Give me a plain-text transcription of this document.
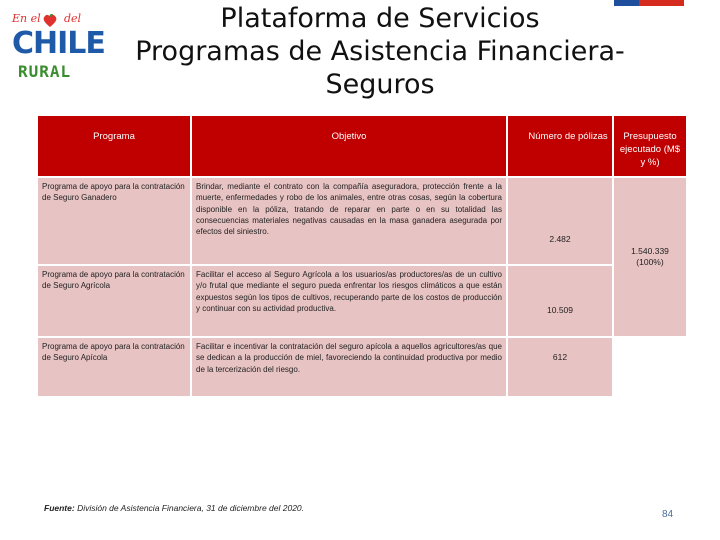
En el del
CHILE
RURAL
Plataforma de Servicios
Programas de Asistencia Financiera-
Seguros
Programa	Objetivo	Número de pólizas	Presupuesto ejecutado (M$ y %)
Programa de apoyo para la contratación de Seguro Ganadero	Brindar, mediante el contrato con la compañía aseguradora, protección frente a la muerte, enfermedades y robo de los animales, entre otras cosas, según la cobertura disponible en la póliza, tratando de reparar en parte o en su totalidad las consecuencias materiales negativas causadas en la masa ganadera asegurada por efectos del siniestro.	2.482	1.540.339
(100%)
Programa de apoyo para la contratación de Seguro Agrícola	Facilitar el acceso al Seguro Agrícola a los usuarios/as productores/as de un cultivo y/o frutal que mediante el seguro pueda enfrentar los riesgos climáticos a que están expuestos según los tipos de cultivos, recuperando parte de los costos de producción y continuar con su actividad productiva.	10.509	
Programa de apoyo para la contratación de Seguro Apícola	Facilitar e incentivar la contratación del seguro apícola a aquellos agricultores/as que se dedican a la producción de miel, favoreciendo la continuidad productiva por medio de la tercerización del riesgo.	612	
Fuente: División de Asistencia Financiera, 31 de diciembre del 2020.
84
